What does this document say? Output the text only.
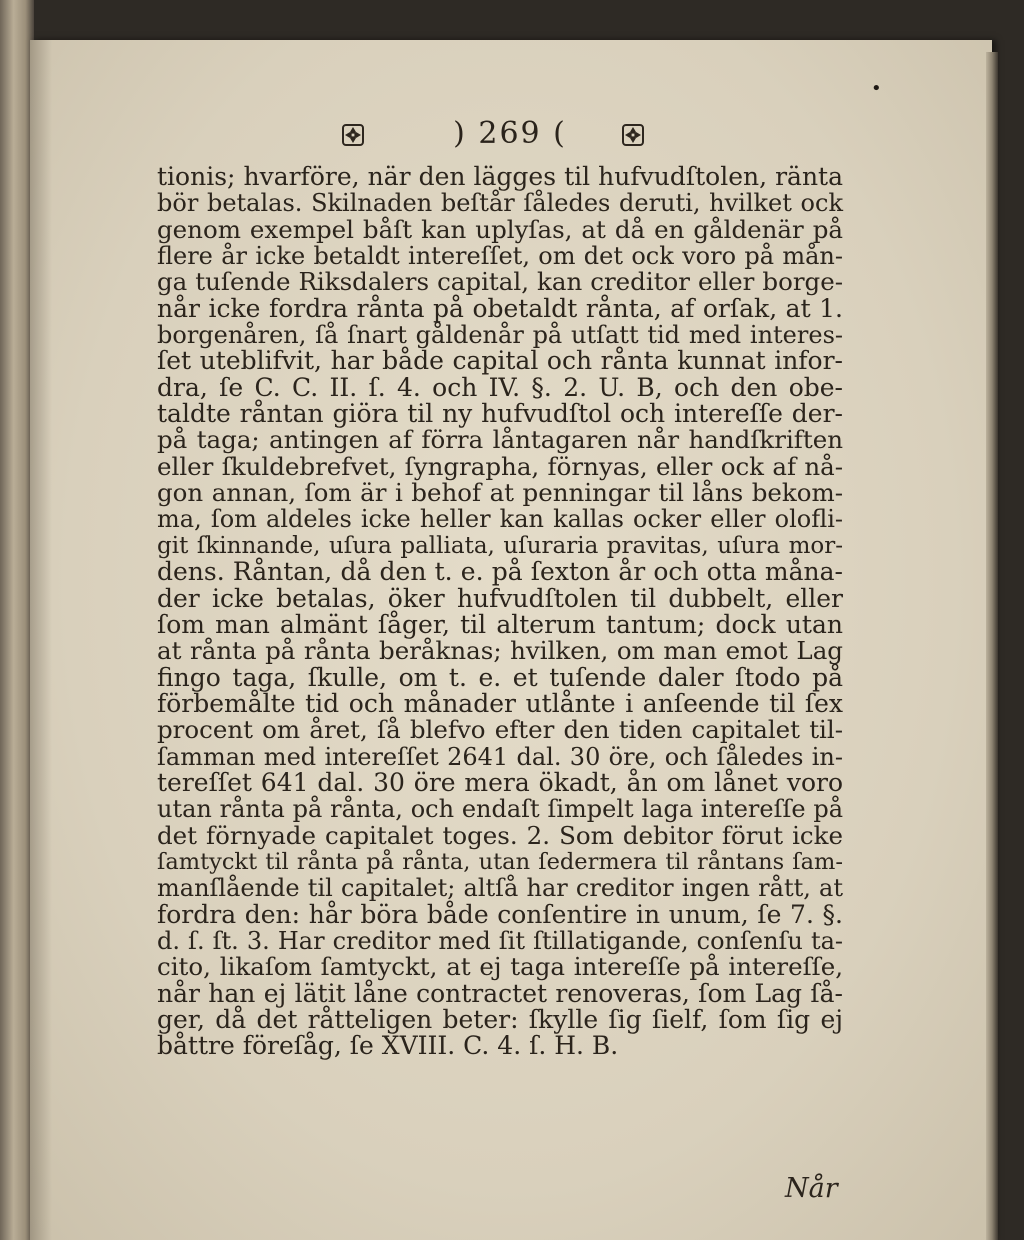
) 269 (
tionis; hvarföre, när den lägges til hufvudſtolen, ränta
bör betalas. Skilnaden beſtår ſåledes deruti, hvilket ock
genom exempel båſt kan uplyſas, at då en gåldenär på
flere år icke betaldt intereſſet, om det ock voro på mån-
ga tuſende Riksdalers capital, kan creditor eller borge-
når icke fordra rånta på obetaldt rånta, af orſak, at 1.
borgenåren, ſå ſnart gåldenår på utſatt tid med interes-
ſet uteblifvit, har både capital och rånta kunnat infor-
dra, ſe C. C. II. ſ. 4. och IV. §. 2. U. B, och den obe-
taldte råntan giöra til ny hufvudſtol och intereſſe der-
på taga; antingen af förra låntagaren når handſkriften
eller ſkuldebrefvet, ſyngrapha, förnyas, eller ock af nå-
gon annan, ſom är i behof at penningar til låns bekom-
ma, ſom aldeles icke heller kan kallas ocker eller olofli-
git ſkinnande, uſura palliata, uſuraria pravitas, uſura mor-
dens. Råntan, då den t. e. på ſexton år och otta måna-
der icke betalas, öker hufvudſtolen til dubbelt, eller
ſom man almänt ſåger, til alterum tantum; dock utan
at rånta på rånta beråknas; hvilken, om man emot Lag
fingo taga, ſkulle, om t. e. et tuſende daler ſtodo på
förbemålte tid och månader utlånte i anſeende til ſex
procent om året, ſå blefvo efter den tiden capitalet til-
ſamman med intereſſet 2641 dal. 30 öre, och ſåledes in-
tereſſet 641 dal. 30 öre mera ökadt, ån om lånet voro
utan rånta på rånta, och endaſt ſimpelt laga intereſſe på
det förnyade capitalet toges. 2. Som debitor förut icke
ſamtyckt til rånta på rånta, utan ſedermera til råntans ſam-
manſlående til capitalet; altſå har creditor ingen rått, at
fordra den: hår böra både conſentire in unum, ſe 7. §.
d. ſ. ſt. 3. Har creditor med ſit ſtillatigande, conſenſu ta-
cito, likaſom ſamtyckt, at ej taga intereſſe på intereſſe,
når han ej lätit låne contractet renoveras, ſom Lag ſå-
ger, då det råtteligen beter: ſkylle ſig ſielf, ſom ſig ej
båttre föreſåg, ſe XVIII. C. 4. ſ. H. B.
Når
•
